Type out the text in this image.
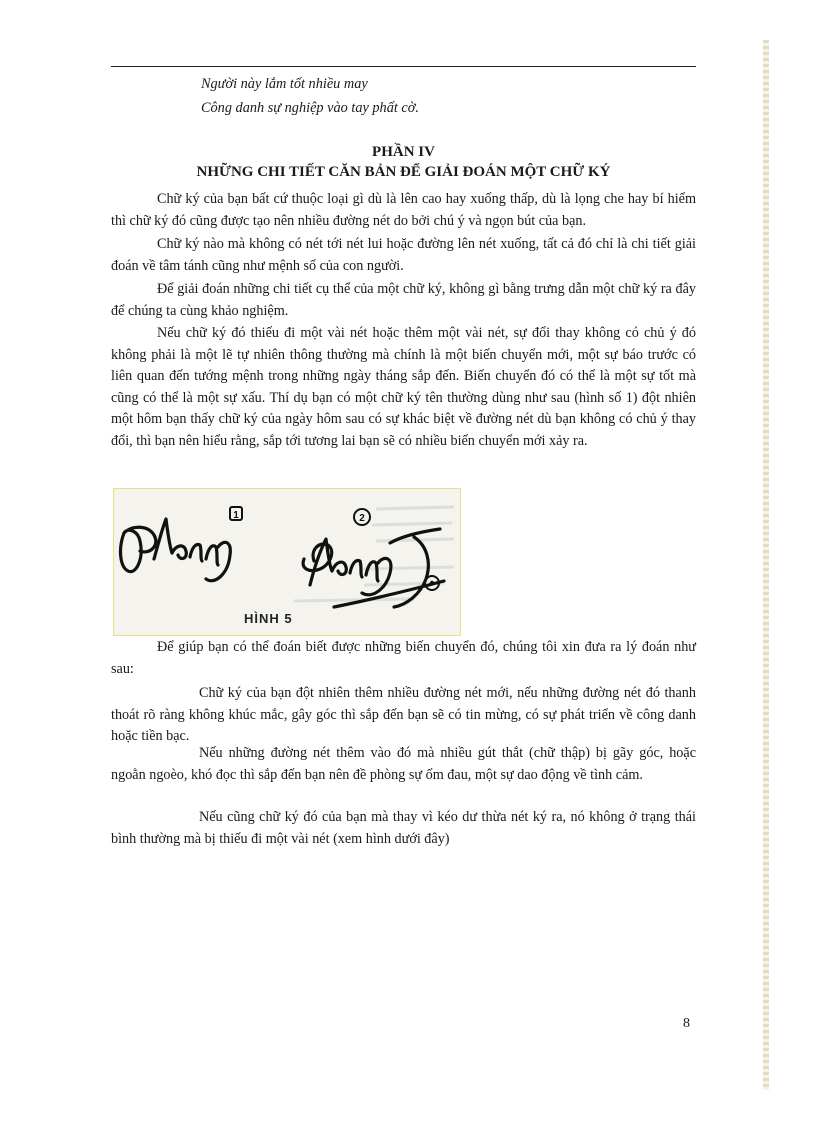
Người này lắm tốt nhiều may
Công danh sự nghiệp vào tay phất cờ.
PHẦN IV
NHỮNG CHI TIẾT CĂN BẢN ĐỂ GIẢI ĐOÁN MỘT CHỮ KÝ

Chữ ký của bạn bất cứ thuộc loại gì dù là lên cao hay xuống thấp, dù là lọng che hay bí hiểm thì chữ ký đó cũng được tạo nên nhiều đường nét do bởi chú ý và ngọn bút của bạn.

Chữ ký nào mà không có nét tới nét lui hoặc đường lên nét xuống, tất cả đó chỉ là chi tiết giải đoán về tâm tánh cũng như mệnh số của con người.

Để giải đoán những chi tiết cụ thể của một chữ ký, không gì bằng trưng dẫn một chữ ký ra đây để chúng ta cùng khảo nghiệm.

Nếu chữ ký đó thiếu đi một vài nét hoặc thêm một vài nét, sự đổi thay không có chủ ý đó không phải là một lẽ tự nhiên thông thường mà chính là một biến chuyển mới, một sự báo trước có liên quan đến tướng mệnh trong những ngày tháng sắp đến. Biến chuyển đó có thể là một sự tốt mà cũng có thể là một sự xấu. Thí dụ bạn có một chữ ký tên thường dùng như sau (hình số 1) đột nhiên một hôm bạn thấy chữ ký của ngày hôm sau có sự khác biệt về đường nét dù bạn không có chủ ý thay đổi, thì bạn nên hiểu rằng, sắp tới tương lai bạn sẽ có nhiều biến chuyển mới xảy ra.

1	2
HÌNH 5

Để giúp bạn có thể đoán biết được những biến chuyển đó, chúng tôi xin đưa ra lý đoán như sau:

Chữ ký của bạn đột nhiên thêm nhiều đường nét mới, nếu những đường nét đó thanh thoát rõ ràng không khúc mắc, gây góc thì sắp đến bạn sẽ có tin mừng, có sự phát triển về công danh hoặc tiền bạc.

Nếu những đường nét thêm vào đó mà nhiều gút thắt (chữ thập) bị gãy góc, hoặc ngoằn ngoèo, khó đọc thì sắp đến bạn nên đề phòng sự ốm đau, một sự dao động về tình cảm.

Nếu cũng chữ ký đó của bạn mà thay vì kéo dư thừa nét ký ra, nó không ở trạng thái bình thường mà bị thiếu đi một vài nét (xem hình dưới đây)

8
